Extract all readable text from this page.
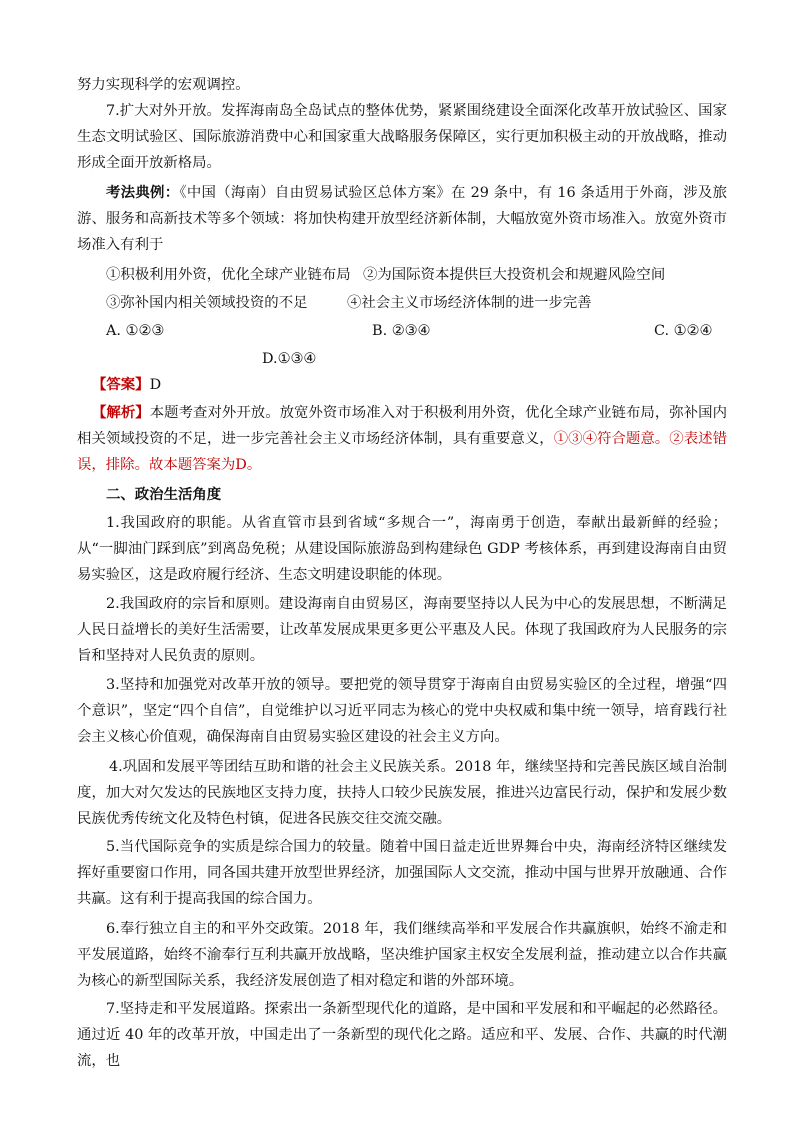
努力实现科学的宏观调控。

7.扩大对外开放。发挥海南岛全岛试点的整体优势，紧紧围绕建设全面深化改革开放试验区、国家生态文明试验区、国际旅游消费中心和国家重大战略服务保障区，实行更加积极主动的开放战略，推动形成全面开放新格局。

考法典例：《中国（海南）自由贸易试验区总体方案》在 29 条中，有 16 条适用于外商，涉及旅游、服务和高新技术等多个领域：将加快构建开放型经济新体制，大幅放宽外资市场准入。放宽外资市场准入有利于

①积极利用外资，优化全球产业链布局 ②为国际资本提供巨大投资机会和规避风险空间

③弥补国内相关领域投资的不足	④社会主义市场经济体制的进一步完善

A. ①②③	B. ②③④	C. ①②④

D.①③④

【答案】D

【解析】本题考查对外开放。放宽外资市场准入对于积极利用外资，优化全球产业链布局，弥补国内相关领域投资的不足，进一步完善社会主义市场经济体制，具有重要意义，①③④符合题意。②表述错误，排除。故本题答案为D。

二、政治生活角度

1.我国政府的职能。从省直管市县到省域“多规合一”，海南勇于创造，奉献出最新鲜的经验；从“一脚油门踩到底”到离岛免税；从建设国际旅游岛到构建绿色 GDP 考核体系，再到建设海南自由贸易实验区，这是政府履行经济、生态文明建设职能的体现。

2.我国政府的宗旨和原则。建设海南自由贸易区，海南要坚持以人民为中心的发展思想，不断满足人民日益增长的美好生活需要，让改革发展成果更多更公平惠及人民。体现了我国政府为人民服务的宗旨和坚持对人民负责的原则。

3.坚持和加强党对改革开放的领导。要把党的领导贯穿于海南自由贸易实验区的全过程，增强“四个意识”，坚定“四个自信”，自觉维护以习近平同志为核心的党中央权威和集中统一领导，培育践行社会主义核心价值观，确保海南自由贸易实验区建设的社会主义方向。

4.巩固和发展平等团结互助和谐的社会主义民族关系。2018 年，继续坚持和完善民族区域自治制度，加大对欠发达的民族地区支持力度，扶持人口较少民族发展，推进兴边富民行动，保护和发展少数民族优秀传统文化及特色村镇，促进各民族交往交流交融。

5.当代国际竞争的实质是综合国力的较量。随着中国日益走近世界舞台中央，海南经济特区继续发挥好重要窗口作用，同各国共建开放型世界经济，加强国际人文交流，推动中国与世界开放融通、合作共赢。这有利于提高我国的综合国力。

6.奉行独立自主的和平外交政策。2018 年，我们继续高举和平发展合作共赢旗帜，始终不渝走和平发展道路，始终不渝奉行互利共赢开放战略，坚决维护国家主权安全发展利益，推动建立以合作共赢为核心的新型国际关系，我经济发展创造了相对稳定和谐的外部环境。

7.坚持走和平发展道路。探索出一条新型现代化的道路，是中国和平发展和和平崛起的必然路径。通过近 40 年的改革开放，中国走出了一条新型的现代化之路。适应和平、发展、合作、共赢的时代潮流，也
